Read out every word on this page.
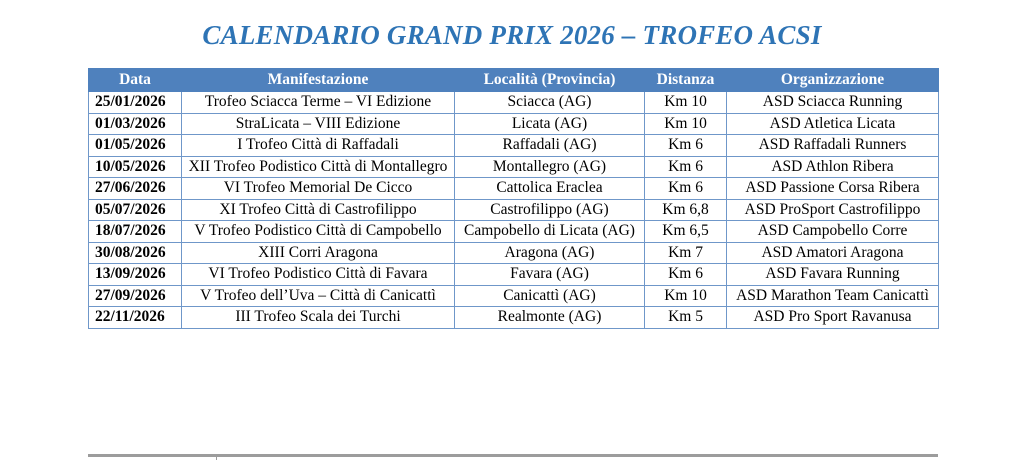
CALENDARIO GRAND PRIX 2026 – TROFEO ACSI
Data	Manifestazione	Località (Provincia)	Distanza	Organizzazione
25/01/2026	Trofeo Sciacca Terme – VI Edizione	Sciacca (AG)	Km 10	ASD Sciacca Running
01/03/2026	StraLicata – VIII Edizione	Licata (AG)	Km 10	ASD Atletica Licata
01/05/2026	I Trofeo Città di Raffadali	Raffadali (AG)	Km 6	ASD Raffadali Runners
10/05/2026	XII Trofeo Podistico Città di Montallegro	Montallegro (AG)	Km 6	ASD Athlon Ribera
27/06/2026	VI Trofeo Memorial De Cicco	Cattolica Eraclea	Km 6	ASD Passione Corsa Ribera
05/07/2026	XI Trofeo Città di Castrofilippo	Castrofilippo (AG)	Km 6,8	ASD ProSport Castrofilippo
18/07/2026	V Trofeo Podistico Città di Campobello	Campobello di Licata (AG)	Km 6,5	ASD Campobello Corre
30/08/2026	XIII Corri Aragona	Aragona (AG)	Km 7	ASD Amatori Aragona
13/09/2026	VI Trofeo Podistico Città di Favara	Favara (AG)	Km 6	ASD Favara Running
27/09/2026	V Trofeo dell’Uva – Città di Canicattì	Canicattì (AG)	Km 10	ASD Marathon Team Canicattì
22/11/2026	III Trofeo Scala dei Turchi	Realmonte (AG)	Km 5	ASD Pro Sport Ravanusa
